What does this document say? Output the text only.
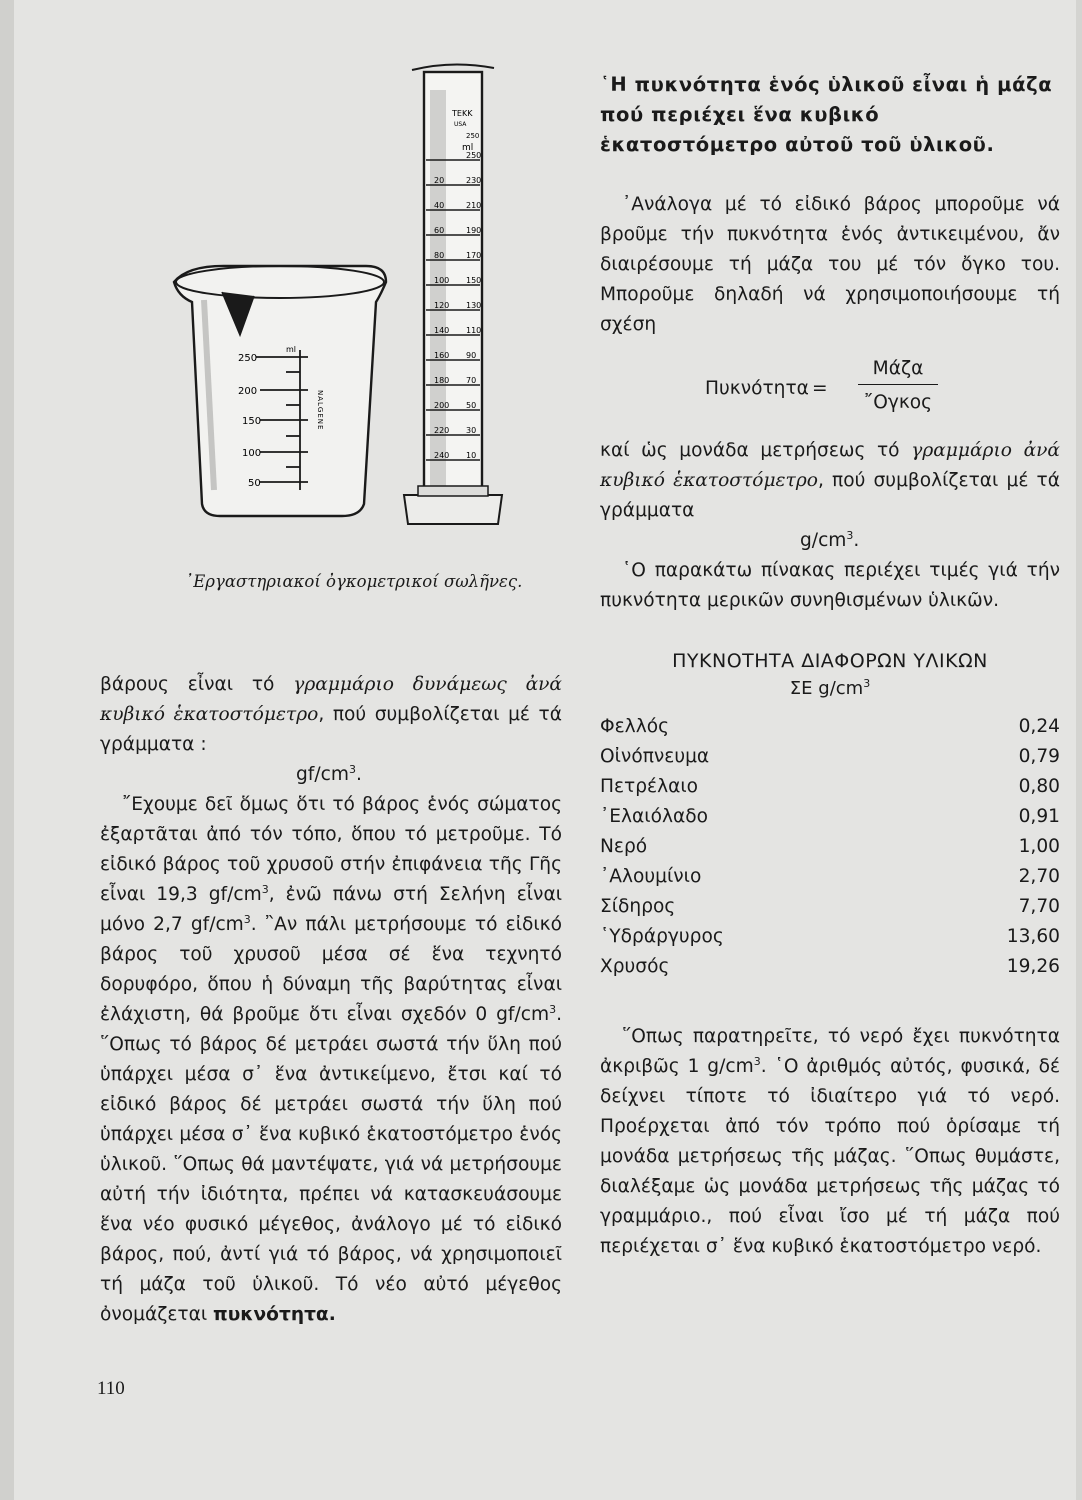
ml
250
200
150
100
50
NALGENE
TEKK
USA
ml
250
230
210
190
170
150
130
110
90
70
50
30
10
20
40
60
80
100
120
140
160
180
200
220
240
250
᾿Εργαστηριακοί ὀγκομετρικοί σωλῆνες.

βάρους εἶναι τό γραμμάριο δυνάμεως ἀνά κυβικό ἑκατοστόμετρο, πού συμβολίζεται μέ τά γράμματα :

$gf/cm^3$.

῎Εχουμε δεῖ ὅμως ὅτι τό βάρος ἑνός σώματος ἐξαρτᾶται ἀπό τόν τόπο, ὅπου τό μετροῦμε. Τό εἰδικό βάρος τοῦ χρυσοῦ στήν ἐπιφάνεια τῆς Γῆς εἶναι 19,3 $gf/cm^3$, ἐνῶ πάνω στή Σελήνη εἶναι μόνο 2,7 $gf/cm^3$. ῍Αν πάλι μετρήσουμε τό εἰδικό βάρος τοῦ χρυσοῦ μέσα σέ ἕνα τεχνητό δορυφόρο, ὅπου ἡ δύναμη τῆς βαρύτητας εἶναι ἐλάχιστη, θά βροῦμε ὅτι εἶναι σχεδόν 0 $gf/cm^3$. ῞Οπως τό βάρος δέ μετράει σωστά τήν ὕλη πού ὑπάρχει μέσα σ᾽ ἕνα ἀντικείμενο, ἔτσι καί τό εἰδικό βάρος δέ μετράει σωστά τήν ὕλη πού ὑπάρχει μέσα σ᾽ ἕνα κυβικό ἑκατοστόμετρο ἑνός ὑλικοῦ. ῞Οπως θά μαντέψατε, γιά νά μετρήσουμε αὐτή τήν ἰδιότητα, πρέπει νά κατασκευάσουμε ἕνα νέο φυσικό μέγεθος, ἀνάλογο μέ τό εἰδικό βάρος, πού, ἀντί γιά τό βάρος, νά χρησιμοποιεῖ τή μάζα τοῦ ὑλικοῦ. Τό νέο αὐτό μέγεθος ὀνομάζεται πυκνότητα.

῾Η πυκνότητα ἑνός ὑλικοῦ εἶναι ἡ μάζα πού περιέχει ἕνα κυβικό ἑκατοστόμετρο αὐτοῦ τοῦ ὑλικοῦ.

᾿Ανάλογα μέ τό εἰδικό βάρος μποροῦμε νά βροῦμε τήν πυκνότητα ἑνός ἀντικειμένου, ἄν διαιρέσουμε τή μάζα του μέ τόν ὄγκο του. Μποροῦμε δηλαδή νά χρησιμοποιήσουμε τή σχέση

Πυκνότητα =
Μάζα
῎Ογκος

καί ὡς μονάδα μετρήσεως τό γραμμάριο ἀνά κυβικό ἑκατοστόμετρο, πού συμβολίζεται μέ τά γράμματα

$g/cm^3$.

῾Ο παρακάτω πίνακας περιέχει τιμές γιά τήν πυκνότητα μερικῶν συνηθισμένων ὑλικῶν.

ΠΥΚΝΟΤΗΤΑ ΔΙΑΦΟΡΩΝ ΥΛΙΚΩΝ
ΣΕ $g/cm^3$
Φελλός	0,24
Οἰνόπνευμα	0,79
Πετρέλαιο	0,80
᾿Ελαιόλαδο	0,91
Νερό	1,00
᾿Αλουμίνιο	2,70
Σίδηρος	7,70
῾Υδράργυρος	13,60
Χρυσός	19,26

῞Οπως παρατηρεῖτε, τό νερό ἔχει πυκνότητα ἀκριβῶς 1 $g/cm^3$. ῾Ο ἀριθμός αὐτός, φυσικά, δέ δείχνει τίποτε τό ἰδιαίτερο γιά τό νερό. Προέρχεται ἀπό τόν τρόπο πού ὁρίσαμε τή μονάδα μετρήσεως τῆς μάζας. ῞Οπως θυμάστε, διαλέξαμε ὡς μονάδα μετρήσεως τῆς μάζας τό γραμμάριο., πού εἶναι ἴσο μέ τή μάζα πού περιέχεται σ᾽ ἕνα κυβικό ἑκατοστόμετρο νερό.

110
